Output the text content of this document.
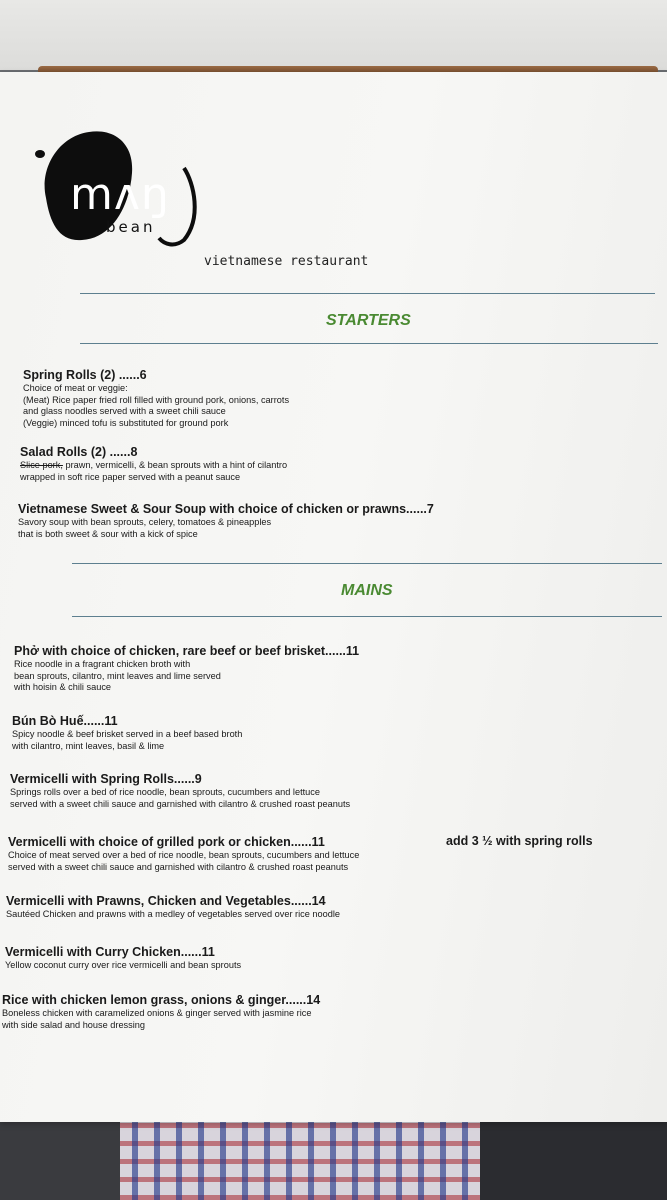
mʌŋ
bean
vietnamese restaurant
STARTERS
Spring Rolls (2) ......6
Choice of meat or veggie:
(Meat) Rice paper fried roll filled with ground pork, onions, carrots
and glass noodles served with a sweet chili sauce
(Veggie) minced tofu is substituted for ground pork
Salad Rolls (2) ......8
Slice pork, prawn, vermicelli, & bean sprouts with a hint of cilantro
wrapped in soft rice paper served with a peanut sauce
Vietnamese Sweet & Sour Soup with choice of chicken or prawns......7
Savory soup with bean sprouts, celery, tomatoes & pineapples
that is both sweet & sour with a kick of spice
MAINS
Phở with choice of chicken, rare beef or beef brisket......11
Rice noodle in a fragrant chicken broth with
bean sprouts, cilantro, mint leaves and lime served
with hoisin & chili sauce
Bún Bò Huế......11
Spicy noodle & beef brisket served in a beef based broth
with cilantro, mint leaves, basil & lime
Vermicelli with Spring Rolls......9
Springs rolls over a bed of rice noodle, bean sprouts, cucumbers and lettuce
served with a sweet chili sauce and garnished with cilantro & crushed roast peanuts
Vermicelli with choice of grilled pork or chicken......11
Choice of meat served over a bed of rice noodle, bean sprouts, cucumbers and lettuce
served with a sweet chili sauce and garnished with cilantro & crushed roast peanuts
add 3 ½ with spring rolls
Vermicelli with Prawns, Chicken and Vegetables......14
Sautéed Chicken and prawns with a medley of vegetables served over rice noodle
Vermicelli with Curry Chicken......11
Yellow coconut curry over rice vermicelli and bean sprouts
Rice with chicken lemon grass, onions & ginger......14
Boneless chicken with caramelized onions & ginger served with jasmine rice
with side salad and house dressing
